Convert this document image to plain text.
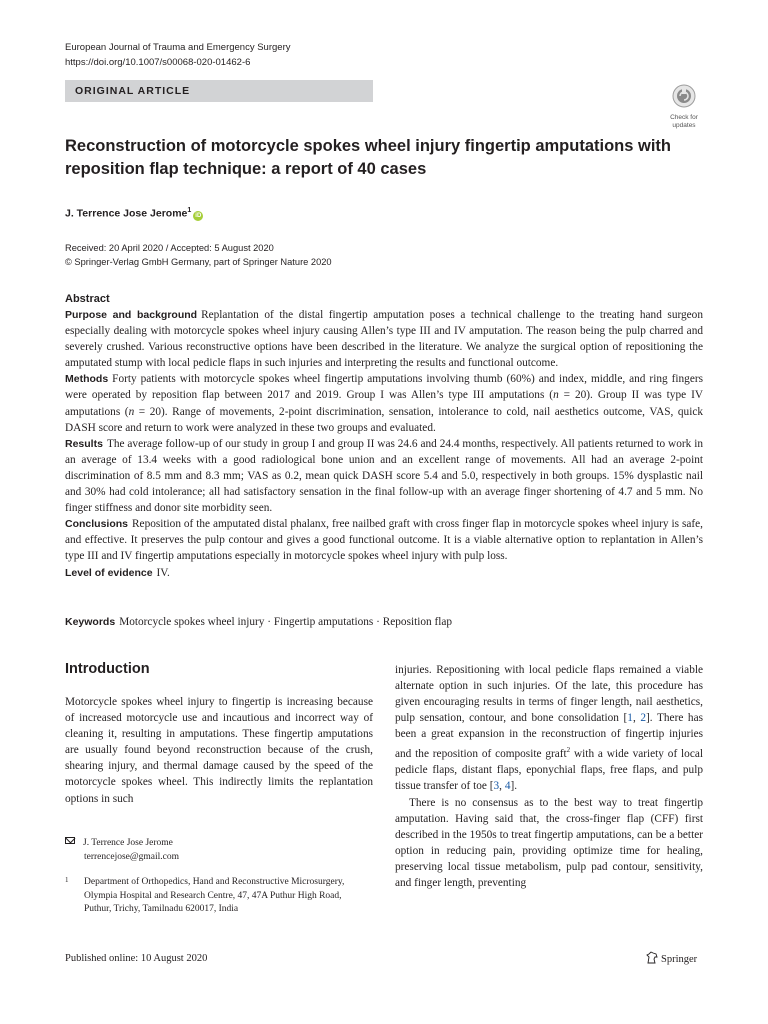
European Journal of Trauma and Emergency Surgery
https://doi.org/10.1007/s00068-020-01462-6
ORIGINAL ARTICLE
Check for updates
Reconstruction of motorcycle spokes wheel injury fingertip amputations with reposition flap technique: a report of 40 cases
J. Terrence Jose Jerome$^1$iD
Received: 20 April 2020 / Accepted: 5 August 2020
© Springer-Verlag GmbH Germany, part of Springer Nature 2020
Abstract

Purpose and background Replantation of the distal fingertip amputation poses a technical challenge to the treating hand surgeon especially dealing with motorcycle spokes wheel injury causing Allen’s type III and IV amputation. The reason being the pulp charred and severely crushed. Various reconstructive options have been described in the literature. We analyze the surgical option of repositioning the amputated stump with local pedicle flaps in such injuries and interpreting the results and functional outcome.

Methods Forty patients with motorcycle spokes wheel fingertip amputations involving thumb (60%) and index, middle, and ring fingers were operated by reposition flap between 2017 and 2019. Group I was Allen’s type III amputations (n = 20). Group II was type IV amputations (n = 20). Range of movements, 2-point discrimination, sensation, intolerance to cold, nail aesthetics outcome, VAS, quick DASH score and return to work were analyzed in these two groups and evaluated.

Results The average follow-up of our study in group I and group II was 24.6 and 24.4 months, respectively. All patients returned to work in an average of 13.4 weeks with a good radiological bone union and an excellent range of movements. All had an average 2-point discrimination of 8.5 mm and 8.3 mm; VAS as 0.2, mean quick DASH score 5.4 and 5.0, respectively in both groups. 15% dysplastic nail and 30% had cold intolerance; all had satisfactory sensation in the final follow-up with an average finger shortening of 4.7 and 5 mm. No finger stiffness and donor site morbidity seen.

Conclusions Reposition of the amputated distal phalanx, free nailbed graft with cross finger flap in motorcycle spokes wheel injury is safe, and effective. It preserves the pulp contour and gives a good functional outcome. It is a viable alternative option to replantation in Allen’s type III and IV fingertip amputations especially in motorcycle spokes wheel injury with pulp loss.

Level of evidence IV.

Keywords Motorcycle spokes wheel injury · Fingertip amputations · Reposition flap
Introduction

Motorcycle spokes wheel injury to fingertip is increasing because of increased motorcycle use and incautious and incorrect way of cleaning it, resulting in amputations. These fingertip amputations are usually found beyond reconstruction because of the crush, shearing injury, and thermal damage caused by the speed of the motorcycle spokes wheel. This indirectly limits the replantation options in such

injuries. Repositioning with local pedicle flaps remained a viable alternate option in such injuries. Of the late, this procedure has given encouraging results in terms of finger length, nail aesthetics, pulp sensation, contour, and bone consolidation [1, 2]. There has been a great expansion in the reconstruction of fingertip injuries and the reposition of composite graft$^2$ with a wide variety of local pedicle flaps, distant flaps, eponychial flaps, free flaps, and pulp tissue transfer of toe [3, 4].

There is no consensus as to the best way to treat fingertip amputation. Having said that, the cross-finger flap (CFF) first described in the 1950s to treat fingertip amputations, can be a better option in reducing pain, providing optimize time for healing, preserving local tissue metabolism, pulp pad contour, sensitivity, and finger length, preventing

J. Terrence Jose Jerome
terrencejose@gmail.com
1	Department of Orthopedics, Hand and Reconstructive Microsurgery, Olympia Hospital and Research Centre, 47, 47A Puthur High Road, Puthur, Trichy, Tamilnadu 620017, India
Published online: 10 August 2020	Springer
